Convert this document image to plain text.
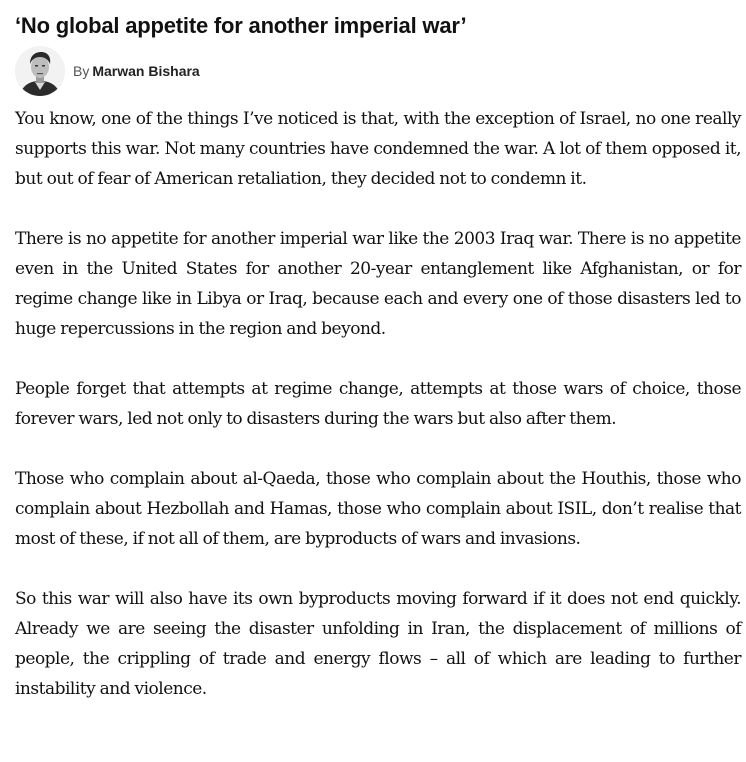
‘No global appetite for another imperial war’
By Marwan Bishara

You know, one of the things I’ve noticed is that, with the exception of Israel, no one really supports this war. Not many countries have condemned the war. A lot of them opposed it, but out of fear of American retaliation, they decided not to condemn it.

There is no appetite for another imperial war like the 2003 Iraq war. There is no appetite even in the United States for another 20-year entanglement like Afghanistan, or for regime change like in Libya or Iraq, because each and every one of those disasters led to huge repercussions in the region and beyond.

People forget that attempts at regime change, attempts at those wars of choice, those forever wars, led not only to disasters during the wars but also after them.

Those who complain about al-Qaeda, those who complain about the Houthis, those who complain about Hezbollah and Hamas, those who complain about ISIL, don’t realise that most of these, if not all of them, are byproducts of wars and invasions.

So this war will also have its own byproducts moving forward if it does not end quickly. Already we are seeing the disaster unfolding in Iran, the displacement of millions of people, the crippling of trade and energy flows – all of which are leading to further instability and violence.
